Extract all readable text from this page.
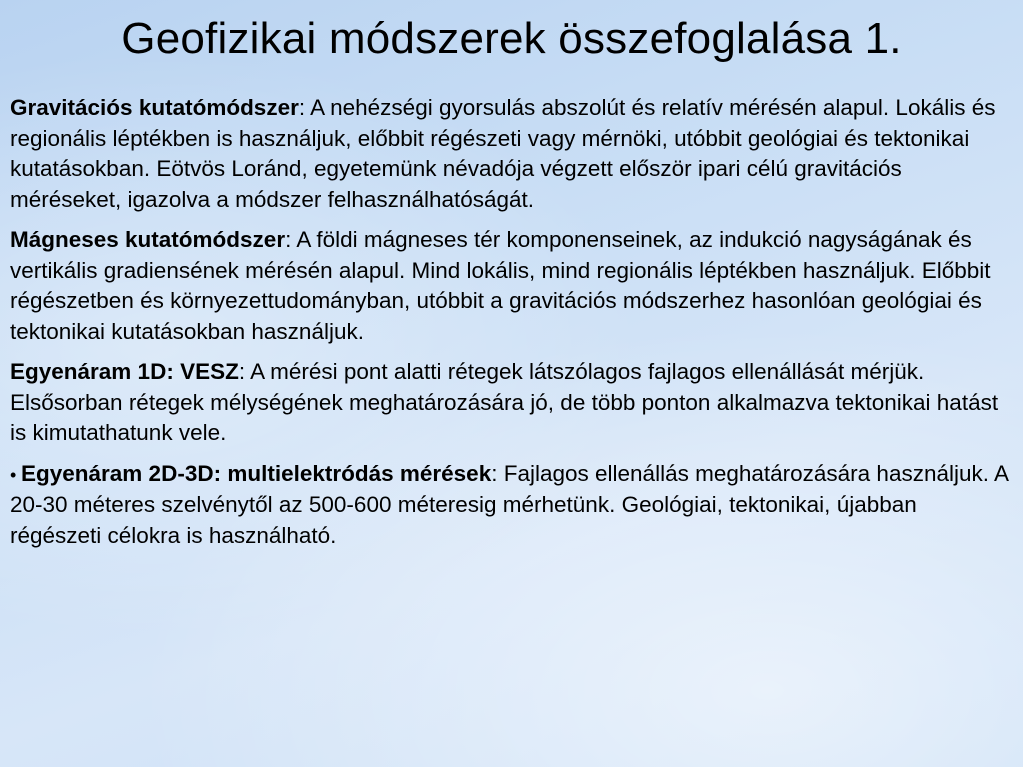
Geofizikai módszerek összefoglalása 1.

Gravitációs kutatómódszer: A nehézségi gyorsulás abszolút és relatív mérésén alapul. Lokális és regionális léptékben is használjuk, előbbit régészeti vagy mérnöki, utóbbit geológiai és tektonikai kutatásokban. Eötvös Loránd, egyetemünk névadója végzett először ipari célú gravitációs méréseket, igazolva a módszer felhasználhatóságát.

Mágneses kutatómódszer: A földi mágneses tér komponenseinek, az indukció nagyságának és vertikális gradiensének mérésén alapul. Mind lokális, mind regionális léptékben használjuk. Előbbit régészetben és környezettudományban, utóbbit a gravitációs módszerhez hasonlóan geológiai és tektonikai kutatásokban használjuk.

Egyenáram 1D: VESZ: A mérési pont alatti rétegek látszólagos fajlagos ellenállását mérjük. Elsősorban rétegek mélységének meghatározására jó, de több ponton alkalmazva tektonikai hatást is kimutathatunk vele.

• Egyenáram 2D-3D: multielektródás mérések: Fajlagos ellenállás meghatározására használjuk. A 20-30 méteres szelvénytől az 500-600 méteresig mérhetünk. Geológiai, tektonikai, újabban régészeti célokra is használható.
